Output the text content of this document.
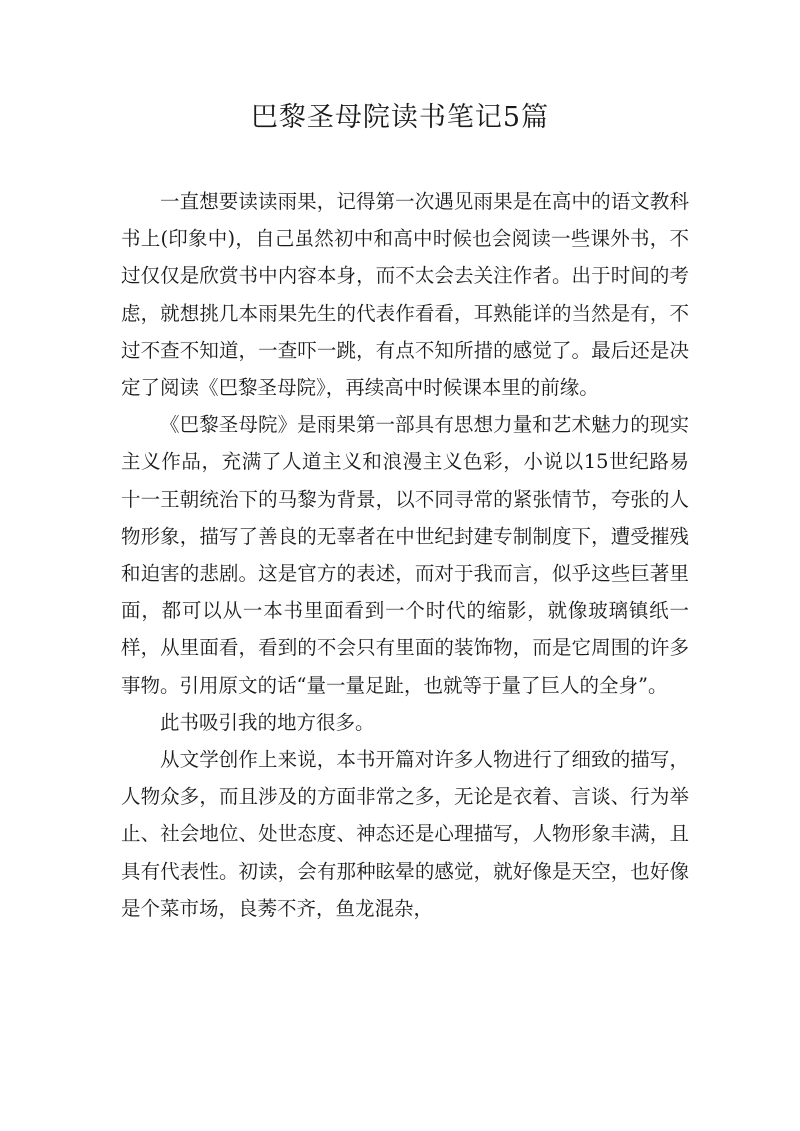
巴黎圣母院读书笔记5篇

一直想要读读雨果，记得第一次遇见雨果是在高中的语文教科书上(印象中)，自己虽然初中和高中时候也会阅读一些课外书，不过仅仅是欣赏书中内容本身，而不太会去关注作者。出于时间的考虑，就想挑几本雨果先生的代表作看看，耳熟能详的当然是有，不过不查不知道，一查吓一跳，有点不知所措的感觉了。最后还是决定了阅读《巴黎圣母院》，再续高中时候课本里的前缘。

《巴黎圣母院》是雨果第一部具有思想力量和艺术魅力的现实主义作品，充满了人道主义和浪漫主义色彩，小说以15世纪路易十一王朝统治下的马黎为背景，以不同寻常的紧张情节，夸张的人物形象，描写了善良的无辜者在中世纪封建专制制度下，遭受摧残和迫害的悲剧。这是官方的表述，而对于我而言，似乎这些巨著里面，都可以从一本书里面看到一个时代的缩影，就像玻璃镇纸一样，从里面看，看到的不会只有里面的装饰物，而是它周围的许多事物。引用原文的话“量一量足趾，也就等于量了巨人的全身”。

此书吸引我的地方很多。

从文学创作上来说，本书开篇对许多人物进行了细致的描写，人物众多，而且涉及的方面非常之多，无论是衣着、言谈、行为举止、社会地位、处世态度、神态还是心理描写，人物形象丰满，且具有代表性。初读，会有那种眩晕的感觉，就好像是天空，也好像是个菜市场，良莠不齐，鱼龙混杂，
